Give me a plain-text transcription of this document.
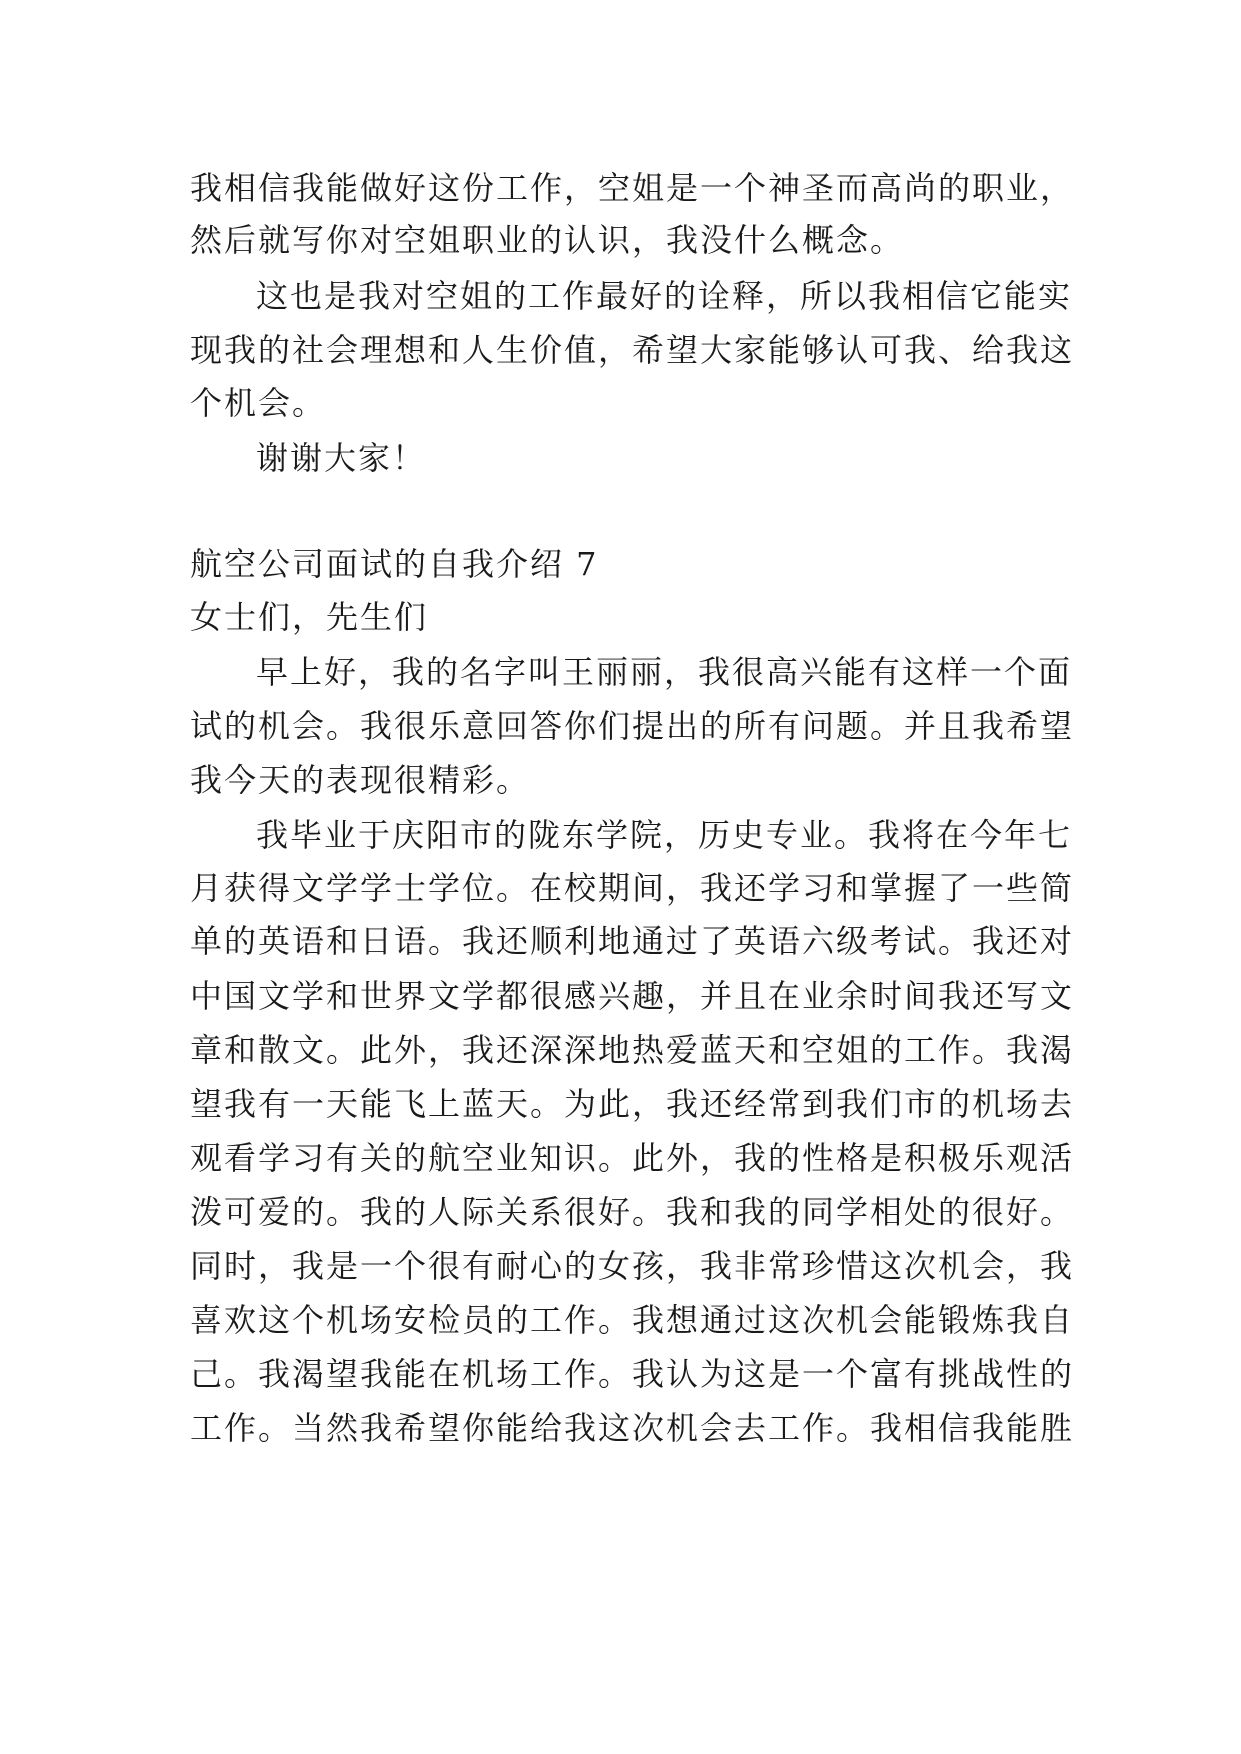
我相信我能做好这份工作，空姐是一个神圣而高尚的职业，
然后就写你对空姐职业的认识，我没什么概念。
这也是我对空姐的工作最好的诠释，所以我相信它能实
现我的社会理想和人生价值，希望大家能够认可我、给我这
个机会。
谢谢大家！
航空公司面试的自我介绍 7
女士们，先生们
早上好，我的名字叫王丽丽，我很高兴能有这样一个面
试的机会。我很乐意回答你们提出的所有问题。并且我希望
我今天的表现很精彩。
我毕业于庆阳市的陇东学院，历史专业。我将在今年七
月获得文学学士学位。在校期间，我还学习和掌握了一些简
单的英语和日语。我还顺利地通过了英语六级考试。我还对
中国文学和世界文学都很感兴趣，并且在业余时间我还写文
章和散文。此外，我还深深地热爱蓝天和空姐的工作。我渴
望我有一天能飞上蓝天。为此，我还经常到我们市的机场去
观看学习有关的航空业知识。此外，我的性格是积极乐观活
泼可爱的。我的人际关系很好。我和我的同学相处的很好。
同时，我是一个很有耐心的女孩，我非常珍惜这次机会，我
喜欢这个机场安检员的工作。我想通过这次机会能锻炼我自
己。我渴望我能在机场工作。我认为这是一个富有挑战性的
工作。当然我希望你能给我这次机会去工作。我相信我能胜
